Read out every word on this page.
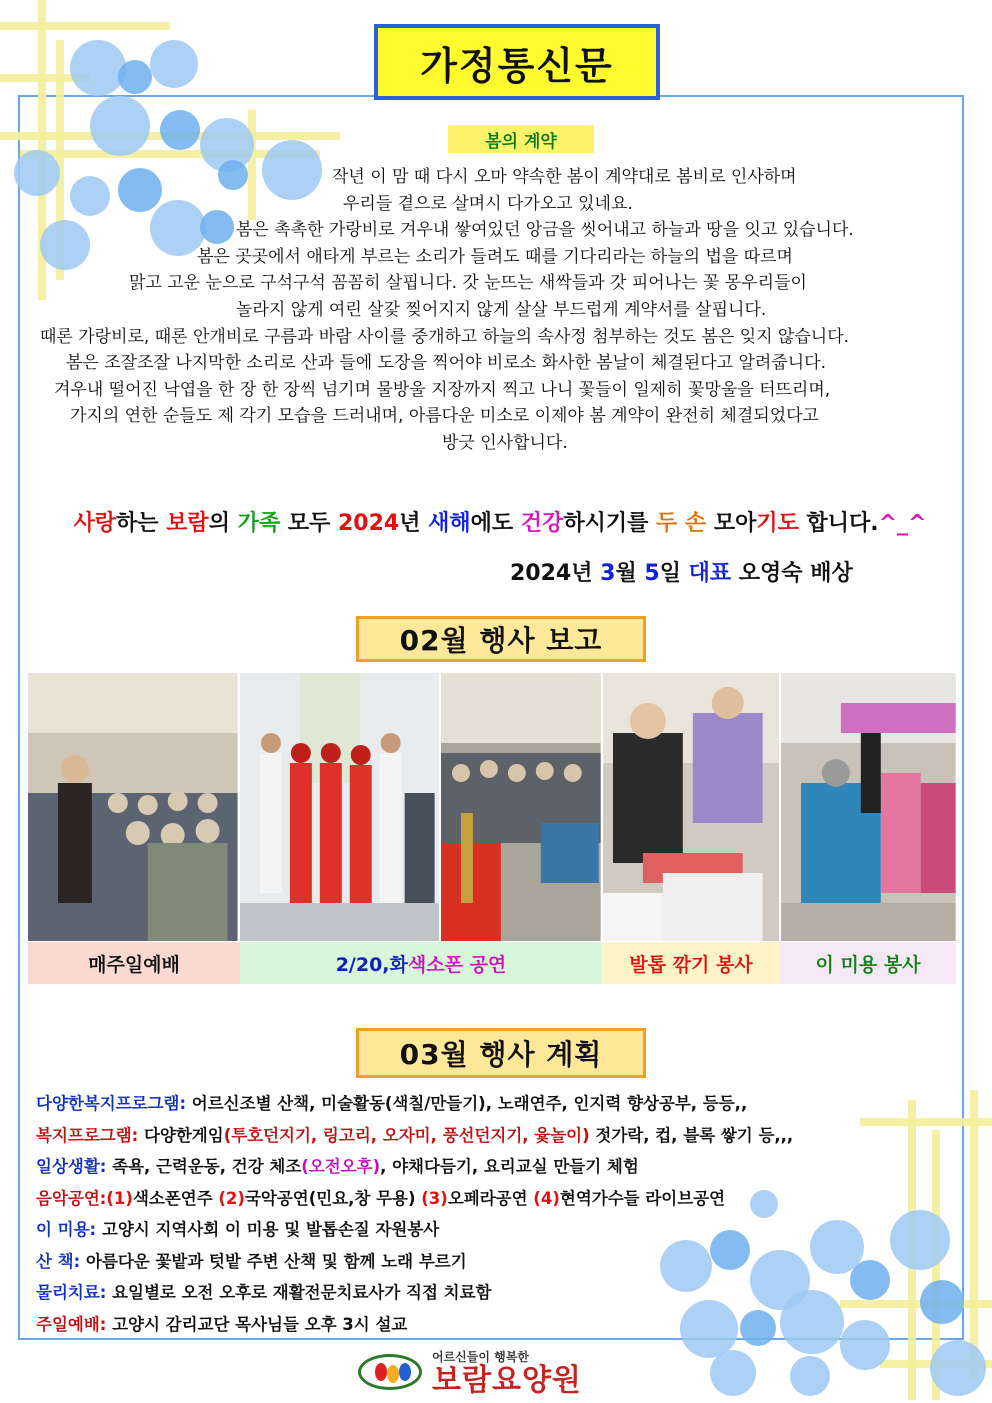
가정통신문
봄의 계약
작년 이 맘 때 다시 오마 약속한 봄이 계약대로 봄비로 인사하며
우리들 곁으로 살며시 다가오고 있네요.
봄은 촉촉한 가랑비로 겨우내 쌓여있던 앙금을 씻어내고 하늘과 땅을 잇고 있습니다.
봄은 곳곳에서 애타게 부르는 소리가 들려도 때를 기다리라는 하늘의 법을 따르며
맑고 고운 눈으로 구석구석 꼼꼼히 살핍니다. 갓 눈뜨는 새싹들과 갓 피어나는 꽃 몽우리들이
놀라지 않게 여린 살갗 찢어지지 않게 살살 부드럽게 계약서를 살핍니다.
때론 가랑비로, 때론 안개비로 구름과 바람 사이를 중개하고 하늘의 속사정 첨부하는 것도 봄은 잊지 않습니다.
봄은 조잘조잘 나지막한 소리로 산과 들에 도장을 찍어야 비로소 화사한 봄날이 체결된다고 알려줍니다.
겨우내 떨어진 낙엽을 한 장 한 장씩 넘기며 물방울 지장까지 찍고 나니 꽃들이 일제히 꽃망울을 터뜨리며,
가지의 연한 순들도 제 각기 모습을 드러내며, 아름다운 미소로 이제야 봄 계약이 완전히 체결되었다고
방긋 인사합니다.
사랑하는 보람의 가족 모두 2024년 새해에도 건강하시기를 두 손 모아기도 합니다.^_^
2024년 3월 5일 대표 오영숙 배상
02월 행사 보고
매주일예배	2/20,화 색소폰 공연	발톱 깎기 봉사	이 미용 봉사
03월 행사 계획
다양한복지프로그램: 어르신조별 산책, 미술활동(색칠/만들기), 노래연주, 인지력 향상공부, 등등,,
복지프로그램: 다양한게임(투호던지기, 링고리, 오자미, 풍선던지기, 윷놀이) 젓가락, 컵, 블록 쌓기 등,,,
일상생활: 족욕, 근력운동, 건강 체조(오전오후), 야채다듬기, 요리교실 만들기 체험
음악공연:(1)색소폰연주 (2)국악공연(민요,창 무용) (3)오페라공연 (4)현역가수들 라이브공연
이 미용: 고양시 지역사회 이 미용 및 발톱손질 자원봉사
산 책: 아름다운 꽃밭과 텃밭 주변 산책 및 함께 노래 부르기
물리치료: 요일별로 오전 오후로 재활전문치료사가 직접 치료함
주일예배: 고양시 감리교단 목사님들 오후 3시 설교
어르신들이 행복한
보람요양원
